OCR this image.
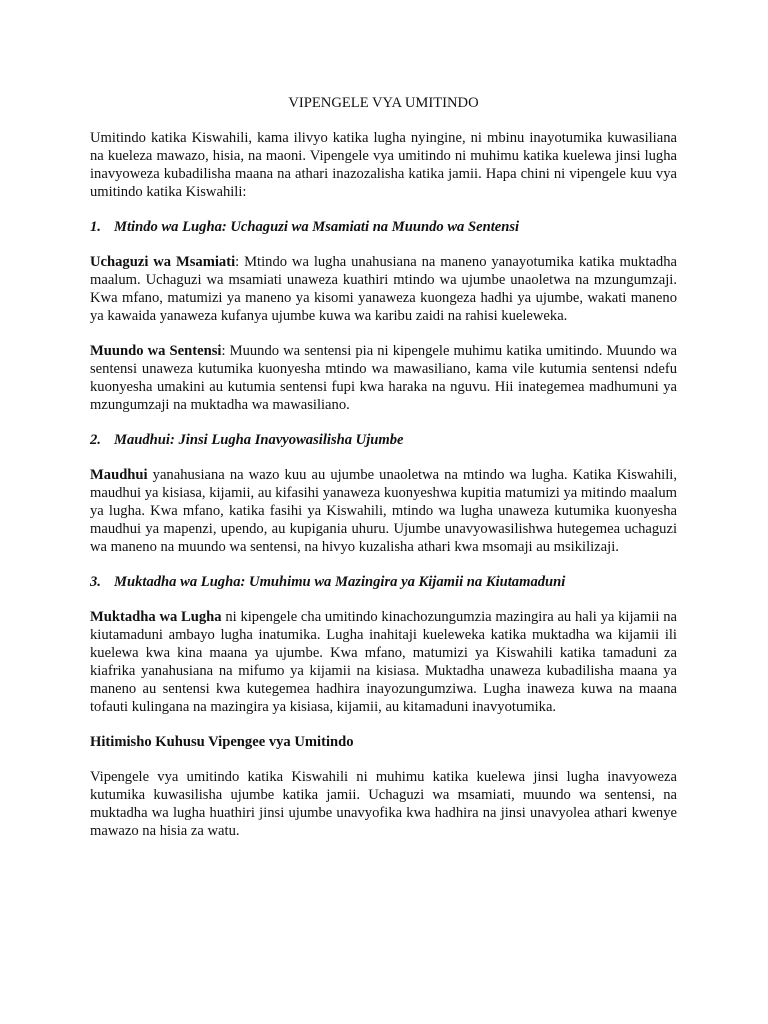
VIPENGELE VYA UMITINDO

Umitindo katika Kiswahili, kama ilivyo katika lugha nyingine, ni mbinu inayotumika kuwasiliana na kueleza mawazo, hisia, na maoni. Vipengele vya umitindo ni muhimu katika kuelewa jinsi lugha inavyoweza kubadilisha maana na athari inazozalisha katika jamii. Hapa chini ni vipengele kuu vya umitindo katika Kiswahili:

1. Mtindo wa Lugha: Uchaguzi wa Msamiati na Muundo wa Sentensi

Uchaguzi wa Msamiati: Mtindo wa lugha unahusiana na maneno yanayotumika katika muktadha maalum. Uchaguzi wa msamiati unaweza kuathiri mtindo wa ujumbe unaoletwa na mzungumzaji. Kwa mfano, matumizi ya maneno ya kisomi yanaweza kuongeza hadhi ya ujumbe, wakati maneno ya kawaida yanaweza kufanya ujumbe kuwa wa karibu zaidi na rahisi kueleweka.

Muundo wa Sentensi: Muundo wa sentensi pia ni kipengele muhimu katika umitindo. Muundo wa sentensi unaweza kutumika kuonyesha mtindo wa mawasiliano, kama vile kutumia sentensi ndefu kuonyesha umakini au kutumia sentensi fupi kwa haraka na nguvu. Hii inategemea madhumuni ya mzungumzaji na muktadha wa mawasiliano.

2. Maudhui: Jinsi Lugha Inavyowasilisha Ujumbe

Maudhui yanahusiana na wazo kuu au ujumbe unaoletwa na mtindo wa lugha. Katika Kiswahili, maudhui ya kisiasa, kijamii, au kifasihi yanaweza kuonyeshwa kupitia matumizi ya mitindo maalum ya lugha. Kwa mfano, katika fasihi ya Kiswahili, mtindo wa lugha unaweza kutumika kuonyesha maudhui ya mapenzi, upendo, au kupigania uhuru. Ujumbe unavyowasilishwa hutegemea uchaguzi wa maneno na muundo wa sentensi, na hivyo kuzalisha athari kwa msomaji au msikilizaji.

3. Muktadha wa Lugha: Umuhimu wa Mazingira ya Kijamii na Kiutamaduni

Muktadha wa Lugha ni kipengele cha umitindo kinachozungumzia mazingira au hali ya kijamii na kiutamaduni ambayo lugha inatumika. Lugha inahitaji kueleweka katika muktadha wa kijamii ili kuelewa kwa kina maana ya ujumbe. Kwa mfano, matumizi ya Kiswahili katika tamaduni za kiafrika yanahusiana na mifumo ya kijamii na kisiasa. Muktadha unaweza kubadilisha maana ya maneno au sentensi kwa kutegemea hadhira inayozungumziwa. Lugha inaweza kuwa na maana tofauti kulingana na mazingira ya kisiasa, kijamii, au kitamaduni inavyotumika.

Hitimisho Kuhusu Vipengee vya Umitindo

Vipengele vya umitindo katika Kiswahili ni muhimu katika kuelewa jinsi lugha inavyoweza kutumika kuwasilisha ujumbe katika jamii. Uchaguzi wa msamiati, muundo wa sentensi, na muktadha wa lugha huathiri jinsi ujumbe unavyofika kwa hadhira na jinsi unavyolea athari kwenye mawazo na hisia za watu.
